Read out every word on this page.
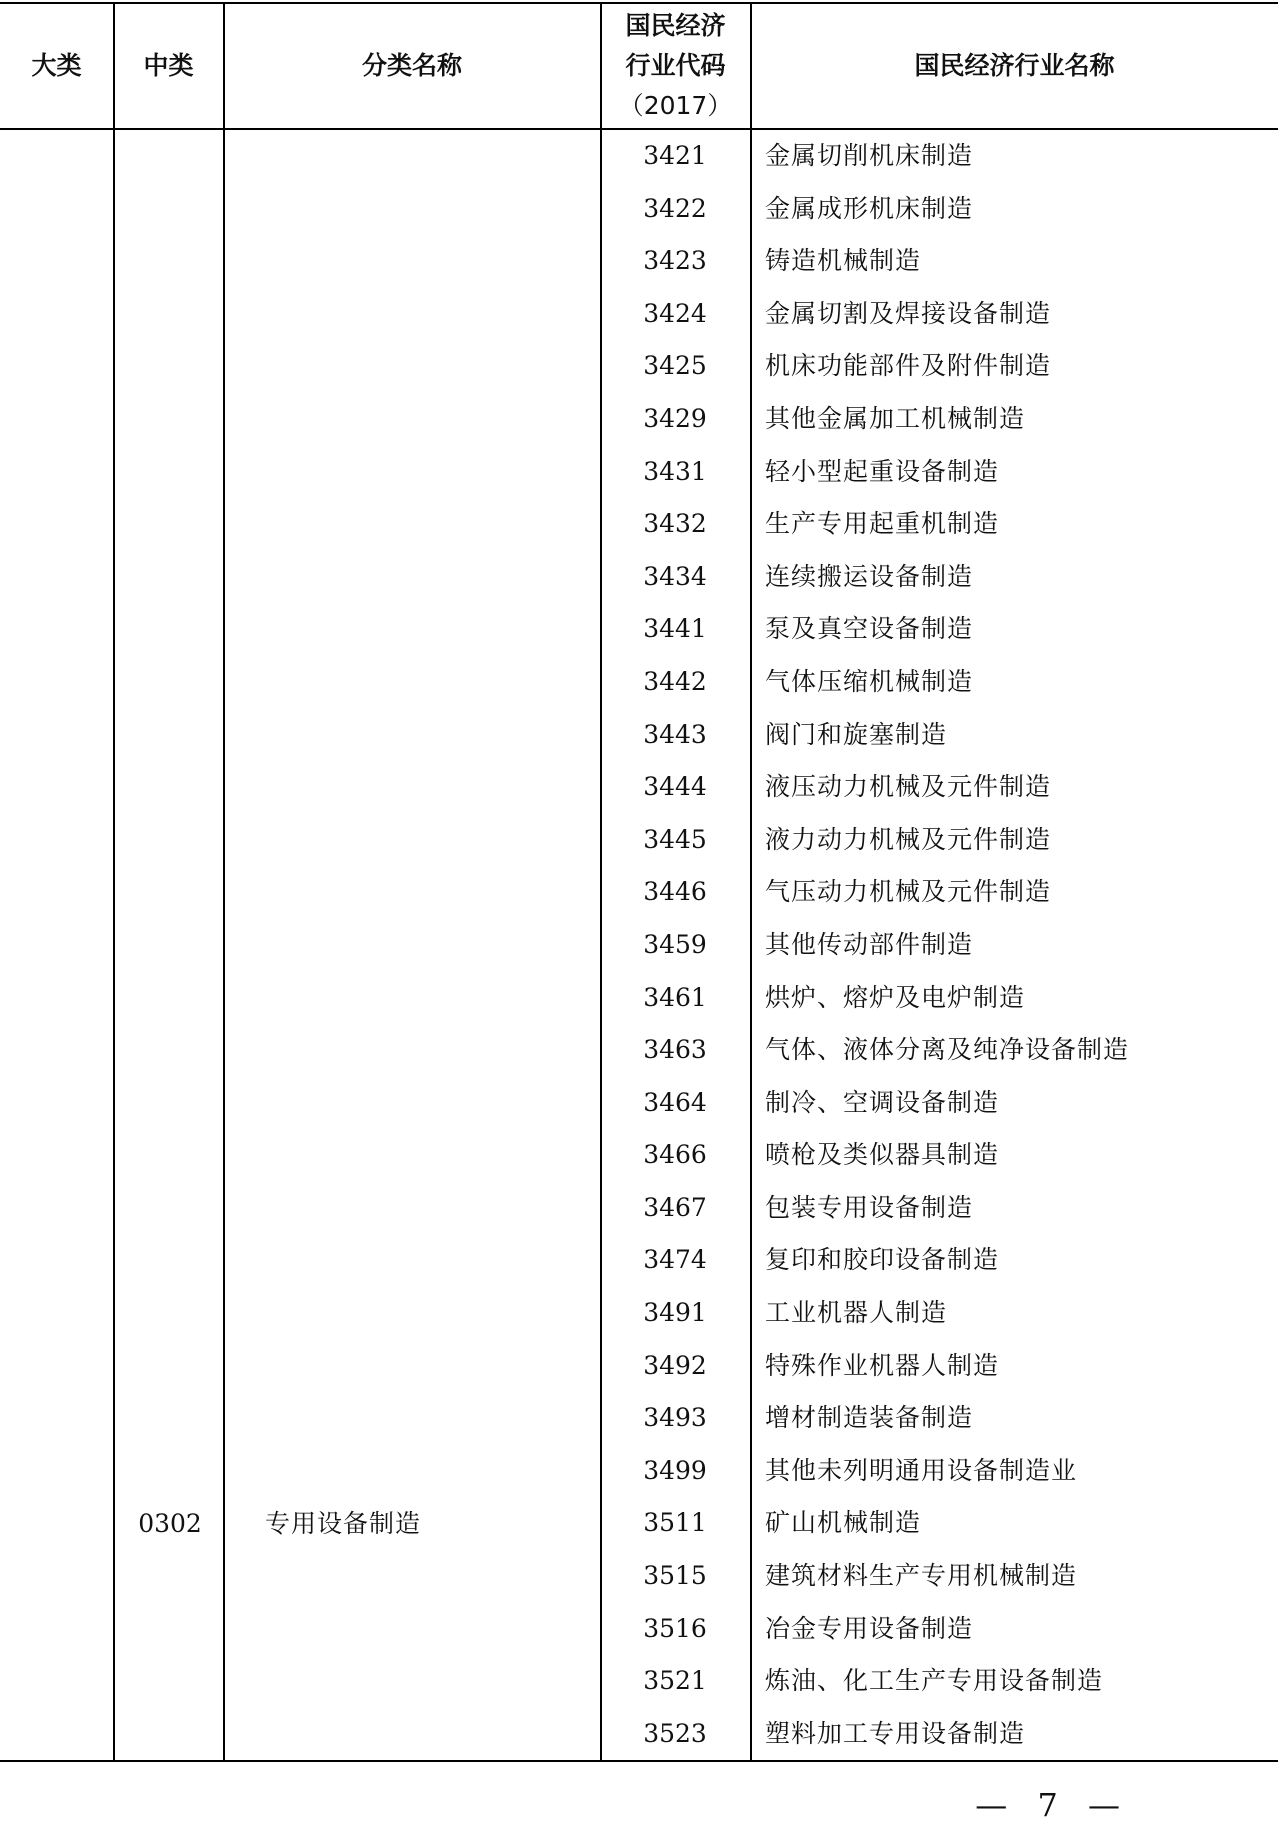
大类 中类	分类名称
国民经济
行业代码
（2017）
国民经济行业名称
0302	专用设备制造
3421
3422
3423
3424
3425
3429
3431
3432
3434
3441
3442
3443
3444
3445
3446
3459
3461
3463
3464
3466
3467
3474
3491
3492
3493
3499
3511
3515
3516
3521
3523
金属切削机床制造
金属成形机床制造
铸造机械制造
金属切割及焊接设备制造
机床功能部件及附件制造
其他金属加工机械制造
轻小型起重设备制造
生产专用起重机制造
连续搬运设备制造
泵及真空设备制造
气体压缩机械制造
阀门和旋塞制造
液压动力机械及元件制造
液力动力机械及元件制造
气压动力机械及元件制造
其他传动部件制造
烘炉、熔炉及电炉制造
气体、液体分离及纯净设备制造
制冷、空调设备制造
喷枪及类似器具制造
包装专用设备制造
复印和胶印设备制造
工业机器人制造
特殊作业机器人制造
增材制造装备制造
其他未列明通用设备制造业
矿山机械制造
建筑材料生产专用机械制造
冶金专用设备制造
炼油、化工生产专用设备制造
塑料加工专用设备制造
— 7 —
